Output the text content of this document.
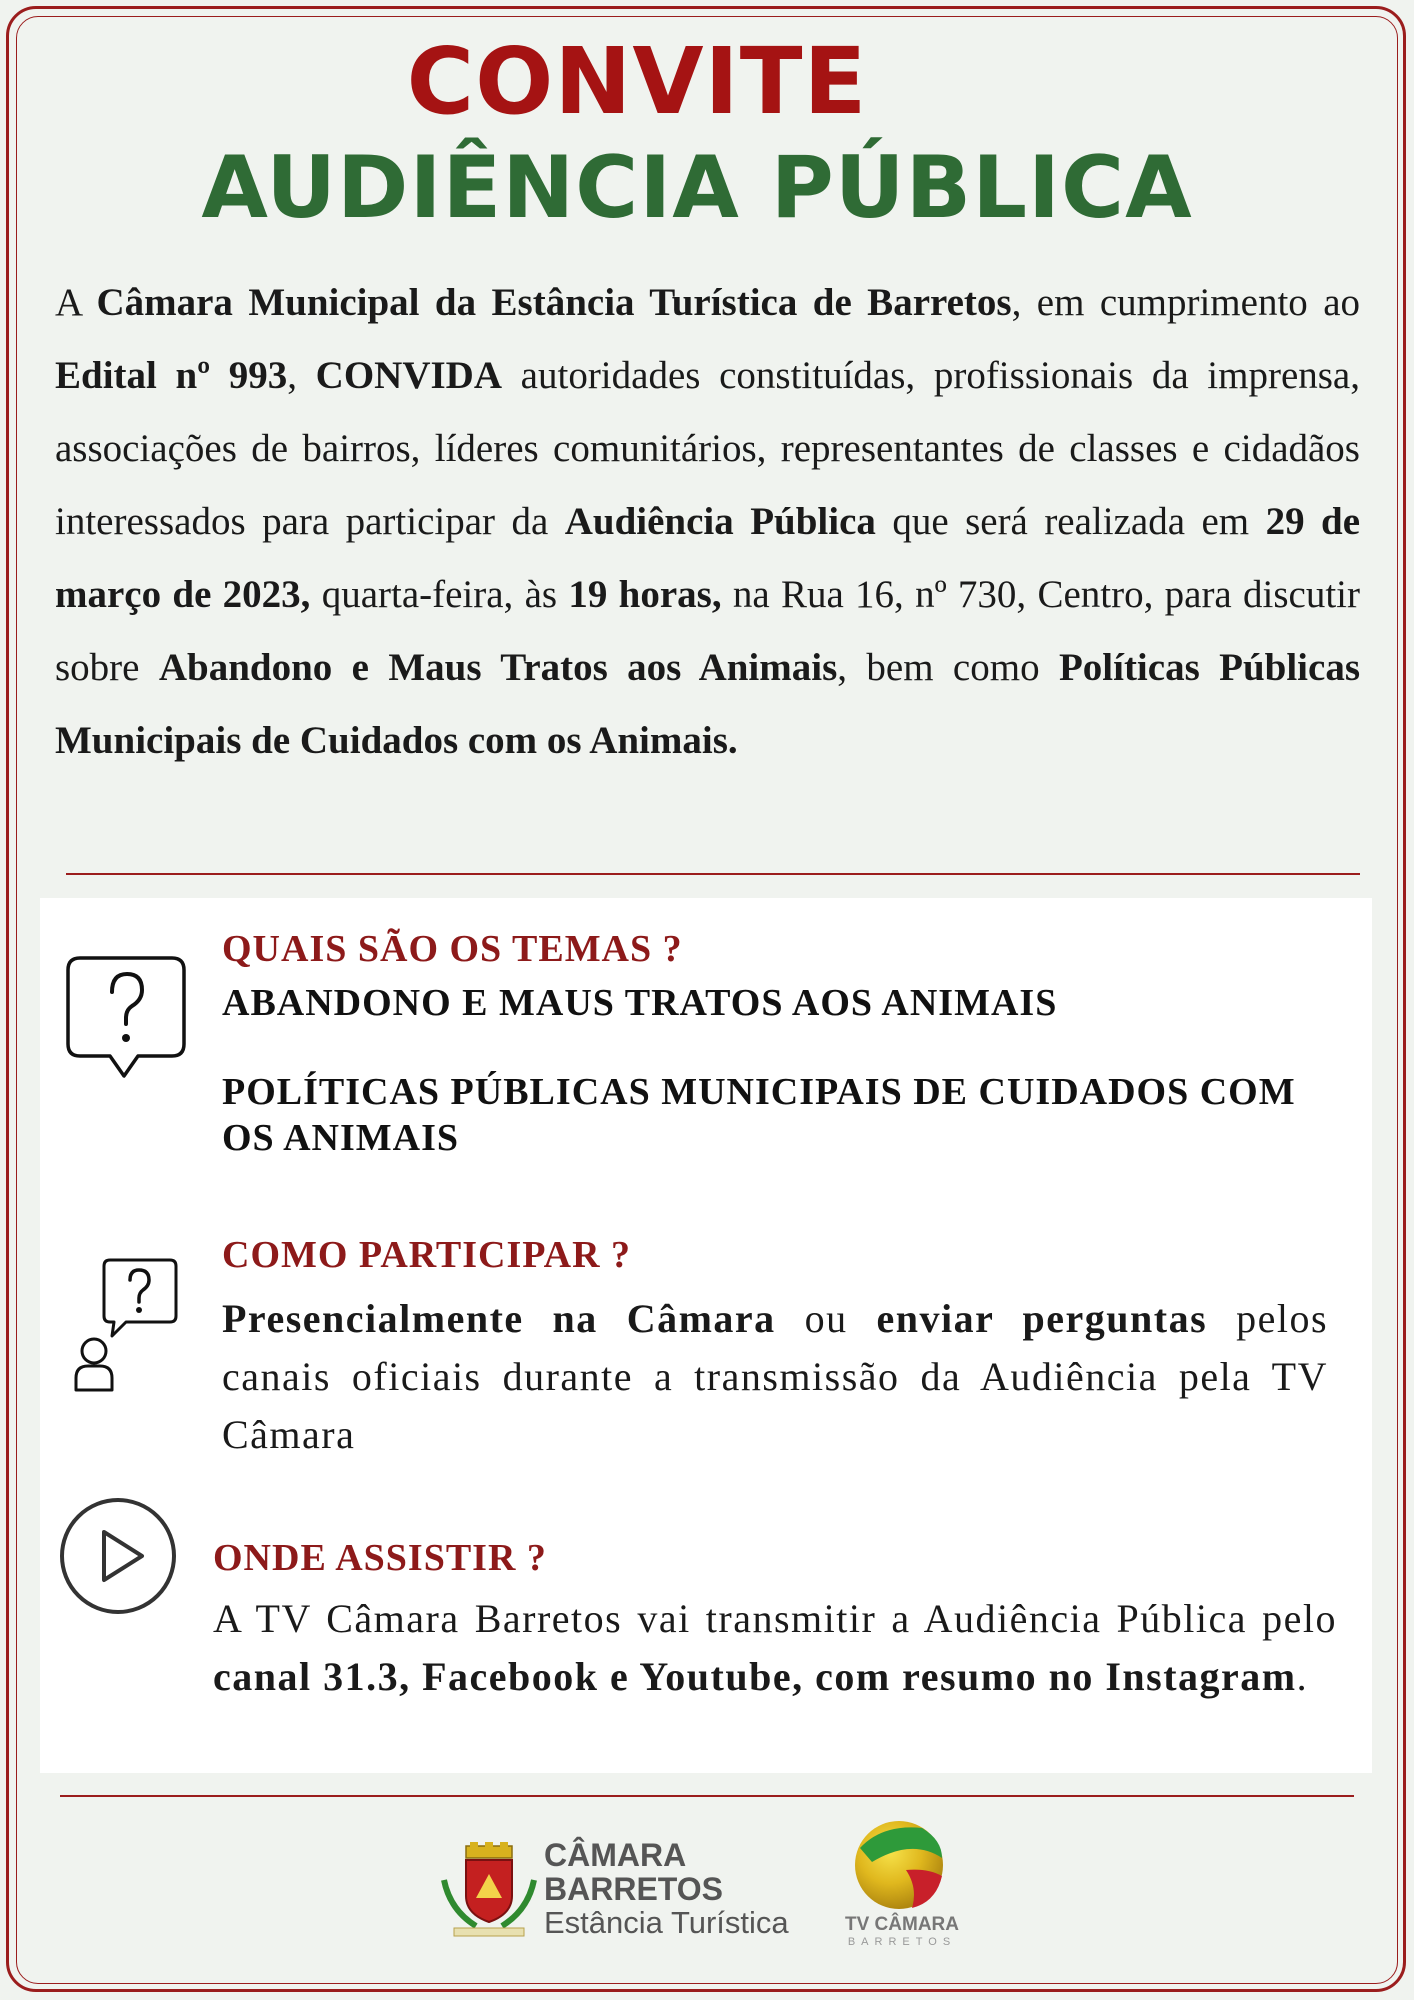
CONVITE
AUDIÊNCIA PÚBLICA
A Câmara Municipal da Estância Turística de Barretos, em cumprimento ao Edital nº 993, CONVIDA autoridades constituídas, profissionais da imprensa, associações de bairros, líderes comunitários, representantes de classes e cidadãos interessados para participar da Audiência Pública que será realizada em 29 de março de 2023, quarta-feira, às 19 horas, na Rua 16, nº 730, Centro, para discutir sobre Abandono e Maus Tratos aos Animais, bem como Políticas Públicas Municipais de Cuidados com os Animais.
QUAIS SÃO OS TEMAS ?
ABANDONO E MAUS TRATOS AOS ANIMAIS
POLÍTICAS PÚBLICAS MUNICIPAIS DE CUIDADOS COM OS ANIMAIS
COMO PARTICIPAR ?
Presencialmente na Câmara ou enviar perguntas pelos canais oficiais durante a transmissão da Audiência pela TV Câmara
ONDE ASSISTIR ?
A TV Câmara Barretos vai transmitir a Audiência Pública pelo canal 31.3, Facebook e Youtube, com resumo no Instagram.
CÂMARA
BARRETOS
Estância Turística	TV CÂMARA
BARRETOS
